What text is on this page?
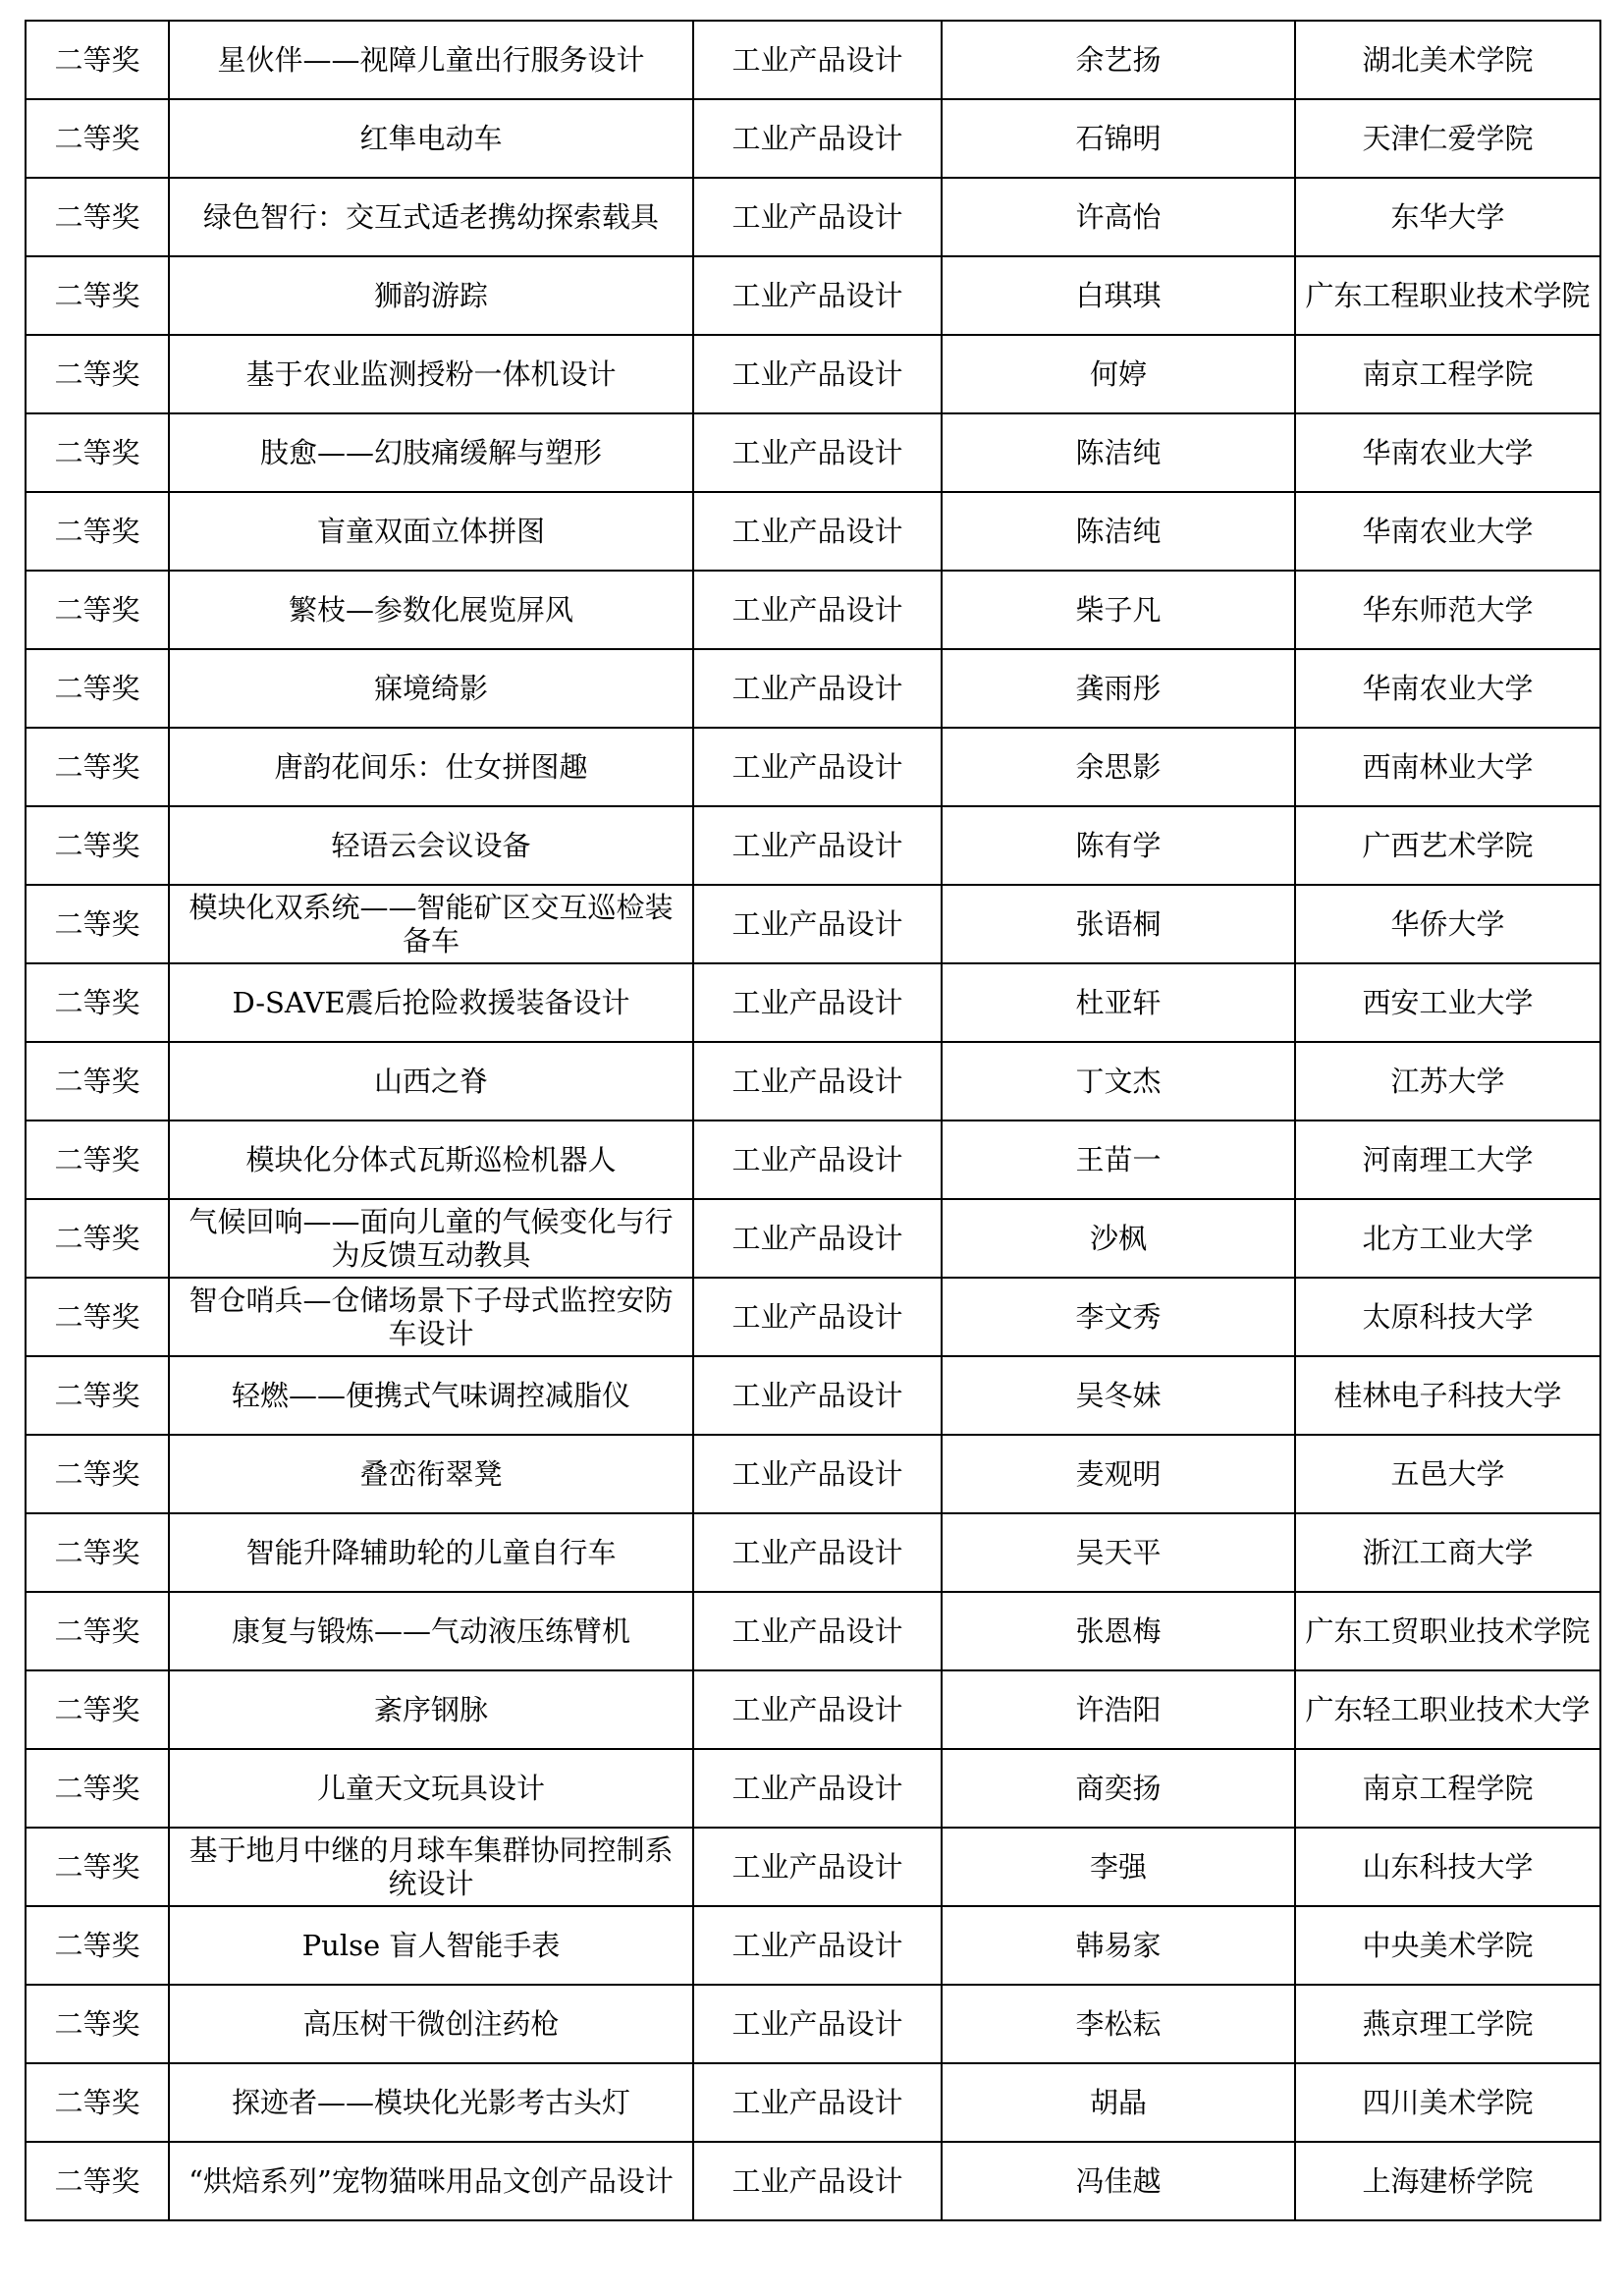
二等奖	星伙伴——视障儿童出行服务设计	工业产品设计	余艺扬	湖北美术学院
二等奖	红隼电动车	工业产品设计	石锦明	天津仁爱学院
二等奖	绿色智行：交互式适老携幼探索载具	工业产品设计	许高怡	东华大学
二等奖	狮韵游踪	工业产品设计	白琪琪	广东工程职业技术学院
二等奖	基于农业监测授粉一体机设计	工业产品设计	何婷	南京工程学院
二等奖	肢愈——幻肢痛缓解与塑形	工业产品设计	陈洁纯	华南农业大学
二等奖	盲童双面立体拼图	工业产品设计	陈洁纯	华南农业大学
二等奖	繁枝—参数化展览屏风	工业产品设计	柴子凡	华东师范大学
二等奖	寐境绮影	工业产品设计	龚雨彤	华南农业大学
二等奖	唐韵花间乐：仕女拼图趣	工业产品设计	余思影	西南林业大学
二等奖	轻语云会议设备	工业产品设计	陈有学	广西艺术学院
二等奖	模块化双系统——智能矿区交互巡检装备车	工业产品设计	张语桐	华侨大学
二等奖	D-SAVE震后抢险救援装备设计	工业产品设计	杜亚轩	西安工业大学
二等奖	山西之脊	工业产品设计	丁文杰	江苏大学
二等奖	模块化分体式瓦斯巡检机器人	工业产品设计	王苗一	河南理工大学
二等奖	气候回响——面向儿童的气候变化与行为反馈互动教具	工业产品设计	沙枫	北方工业大学
二等奖	智仓哨兵—仓储场景下子母式监控安防车设计	工业产品设计	李文秀	太原科技大学
二等奖	轻燃——便携式气味调控减脂仪	工业产品设计	吴冬妹	桂林电子科技大学
二等奖	叠峦衔翠凳	工业产品设计	麦观明	五邑大学
二等奖	智能升降辅助轮的儿童自行车	工业产品设计	吴天平	浙江工商大学
二等奖	康复与锻炼——气动液压练臂机	工业产品设计	张恩梅	广东工贸职业技术学院
二等奖	紊序钢脉	工业产品设计	许浩阳	广东轻工职业技术大学
二等奖	儿童天文玩具设计	工业产品设计	商奕扬	南京工程学院
二等奖	基于地月中继的月球车集群协同控制系统设计	工业产品设计	李强	山东科技大学
二等奖	Pulse 盲人智能手表	工业产品设计	韩易家	中央美术学院
二等奖	高压树干微创注药枪	工业产品设计	李松耘	燕京理工学院
二等奖	探迹者——模块化光影考古头灯	工业产品设计	胡晶	四川美术学院
二等奖	“烘焙系列”宠物猫咪用品文创产品设计	工业产品设计	冯佳越	上海建桥学院
